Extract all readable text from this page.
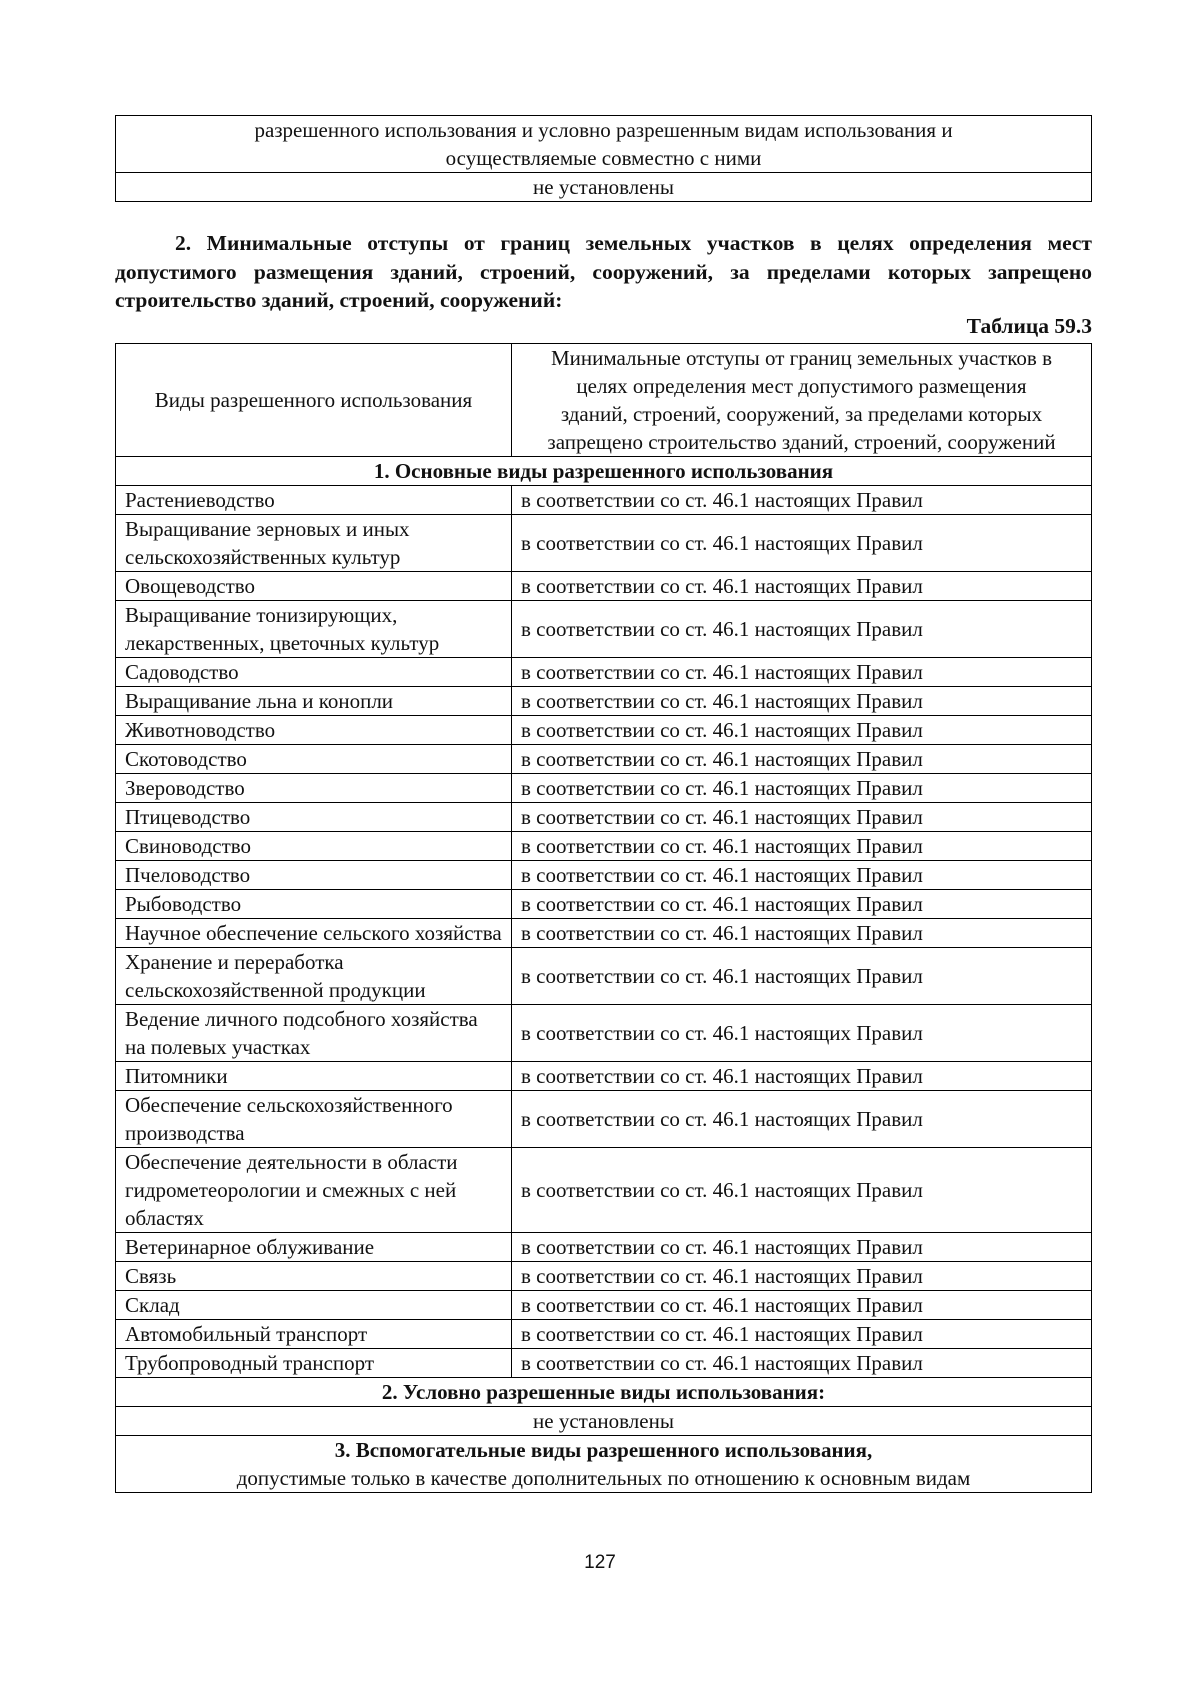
разрешенного использования и условно разрешенным видам использования и
осуществляемые совместно с ними

не установлены

2. Минимальные отступы от границ земельных участков в целях определения мест допустимого размещения зданий, строений, сооружений, за пределами которых запрещено строительство зданий, строений, сооружений:

Таблица 59.3
Виды разрешенного использования	Минимальные отступы от границ земельных участков в целях определения мест допустимого размещения зданий, строений, сооружений, за пределами которых запрещено строительство зданий, строений, сооружений
1. Основные виды разрешенного использования	
Растениеводство	в соответствии со ст. 46.1 настоящих Правил
Выращивание зерновых и иных сельскохозяйственных культур	в соответствии со ст. 46.1 настоящих Правил
Овощеводство	в соответствии со ст. 46.1 настоящих Правил
Выращивание тонизирующих, лекарственных, цветочных культур	в соответствии со ст. 46.1 настоящих Правил
Садоводство	в соответствии со ст. 46.1 настоящих Правил
Выращивание льна и конопли	в соответствии со ст. 46.1 настоящих Правил
Животноводство	в соответствии со ст. 46.1 настоящих Правил
Скотоводство	в соответствии со ст. 46.1 настоящих Правил
Звероводство	в соответствии со ст. 46.1 настоящих Правил
Птицеводство	в соответствии со ст. 46.1 настоящих Правил
Свиноводство	в соответствии со ст. 46.1 настоящих Правил
Пчеловодство	в соответствии со ст. 46.1 настоящих Правил
Рыбоводство	в соответствии со ст. 46.1 настоящих Правил
Научное обеспечение сельского хозяйства	в соответствии со ст. 46.1 настоящих Правил
Хранение и переработка сельскохозяйственной продукции	в соответствии со ст. 46.1 настоящих Правил
Ведение личного подсобного хозяйства на полевых участках	в соответствии со ст. 46.1 настоящих Правил
Питомники	в соответствии со ст. 46.1 настоящих Правил
Обеспечение сельскохозяйственного производства	в соответствии со ст. 46.1 настоящих Правил
Обеспечение деятельности в области гидрометеорологии и смежных с ней областях	в соответствии со ст. 46.1 настоящих Правил
Ветеринарное облуживание	в соответствии со ст. 46.1 настоящих Правил
Связь	в соответствии со ст. 46.1 настоящих Правил
Склад	в соответствии со ст. 46.1 настоящих Правил
Автомобильный транспорт	в соответствии со ст. 46.1 настоящих Правил
Трубопроводный транспорт	в соответствии со ст. 46.1 настоящих Правил
2. Условно разрешенные виды использования:	
не установлены	

3. Вспомогательные виды разрешенного использования,
допустимые только в качестве дополнительных по отношению к основным видам	
127
